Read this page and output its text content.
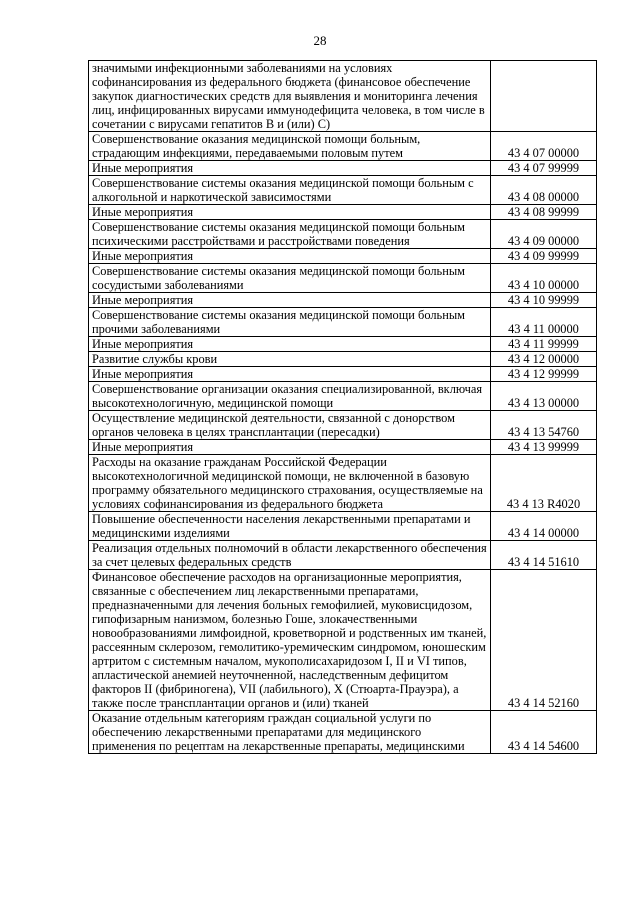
28
значимыми инфекционными заболеваниями на условиях софинансирования из федерального бюджета (финансовое обеспечение закупок диагностических средств для выявления и мониторинга лечения лиц, инфицированных вирусами иммунодефицита человека, в том числе в сочетании с вирусами гепатитов B и (или) C)	
Совершенствование оказания медицинской помощи больным, страдающим инфекциями, передаваемыми половым путем	43 4 07 00000
Иные мероприятия	43 4 07 99999
Совершенствование системы оказания медицинской помощи больным с алкогольной и наркотической зависимостями	43 4 08 00000
Иные мероприятия	43 4 08 99999
Совершенствование системы оказания медицинской помощи больным психическими расстройствами и расстройствами поведения	43 4 09 00000
Иные мероприятия	43 4 09 99999
Совершенствование системы оказания медицинской помощи больным сосудистыми заболеваниями	43 4 10 00000
Иные мероприятия	43 4 10 99999
Совершенствование системы оказания медицинской помощи больным прочими заболеваниями	43 4 11 00000
Иные мероприятия	43 4 11 99999
Развитие службы крови	43 4 12 00000
Иные мероприятия	43 4 12 99999
Совершенствование организации оказания специализированной, включая высокотехнологичную, медицинской помощи	43 4 13 00000
Осуществление медицинской деятельности, связанной с донорством органов человека в целях трансплантации (пересадки)	43 4 13 54760
Иные мероприятия	43 4 13 99999
Расходы на оказание гражданам Российской Федерации высокотехнологичной медицинской помощи, не включенной в базовую программу обязательного медицинского страхования, осуществляемые на условиях софинансирования из федерального бюджета	43 4 13 R4020
Повышение обеспеченности населения лекарственными препаратами и медицинскими изделиями	43 4 14 00000
Реализация отдельных полномочий в области лекарственного обеспечения за счет целевых федеральных средств	43 4 14 51610
Финансовое обеспечение расходов на организационные мероприятия, связанные с обеспечением лиц лекарственными препаратами, предназначенными для лечения больных гемофилией, муковисцидозом, гипофизарным нанизмом, болезнью Гоше, злокачественными новообразованиями лимфоидной, кроветворной и родственных им тканей, рассеянным склерозом, гемолитико-уремическим синдромом, юношеским артритом с системным началом, мукополисахаридозом I, II и VI типов, апластической анемией неуточненной, наследственным дефицитом факторов II (фибриногена), VII (лабильного), X (Стюарта-Прауэра), а также после трансплантации органов и (или) тканей	43 4 14 52160
Оказание отдельным категориям граждан социальной услуги по обеспечению лекарственными препаратами для медицинского применения по рецептам на лекарственные препараты, медицинскими	43 4 14 54600
